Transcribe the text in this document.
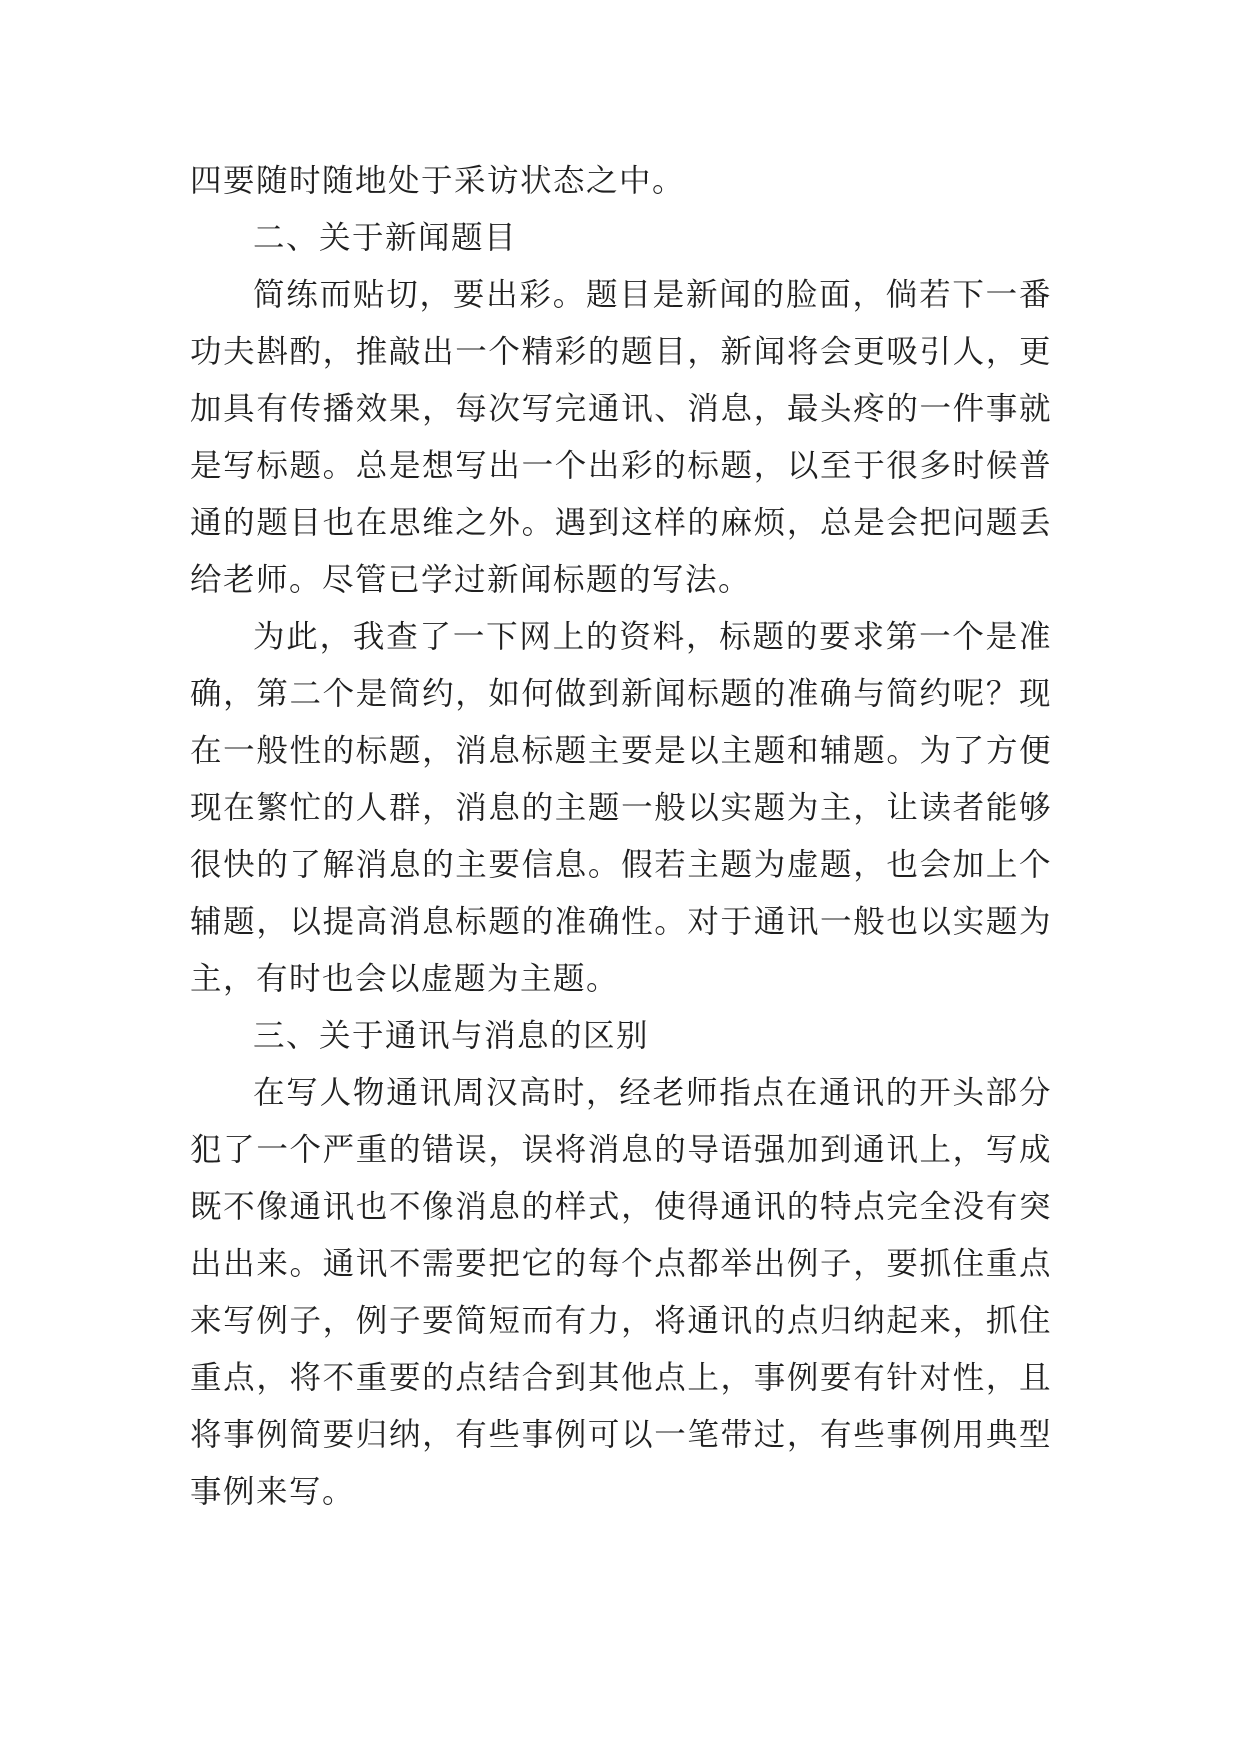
四要随时随地处于采访状态之中。

二、关于新闻题目

简练而贴切，要出彩。题目是新闻的脸面，倘若下一番功夫斟酌，推敲出一个精彩的题目，新闻将会更吸引人，更加具有传播效果，每次写完通讯、消息，最头疼的一件事就是写标题。总是想写出一个出彩的标题，以至于很多时候普通的题目也在思维之外。遇到这样的麻烦，总是会把问题丢给老师。尽管已学过新闻标题的写法。

为此，我查了一下网上的资料，标题的要求第一个是准确，第二个是简约，如何做到新闻标题的准确与简约呢？现在一般性的标题，消息标题主要是以主题和辅题。为了方便现在繁忙的人群，消息的主题一般以实题为主，让读者能够很快的了解消息的主要信息。假若主题为虚题，也会加上个辅题，以提高消息标题的准确性。对于通讯一般也以实题为主，有时也会以虚题为主题。

三、关于通讯与消息的区别

在写人物通讯周汉高时，经老师指点在通讯的开头部分犯了一个严重的错误，误将消息的导语强加到通讯上，写成既不像通讯也不像消息的样式，使得通讯的特点完全没有突出出来。通讯不需要把它的每个点都举出例子，要抓住重点来写例子，例子要简短而有力，将通讯的点归纳起来，抓住重点，将不重要的点结合到其他点上，事例要有针对性，且将事例简要归纳，有些事例可以一笔带过，有些事例用典型事例来写。
